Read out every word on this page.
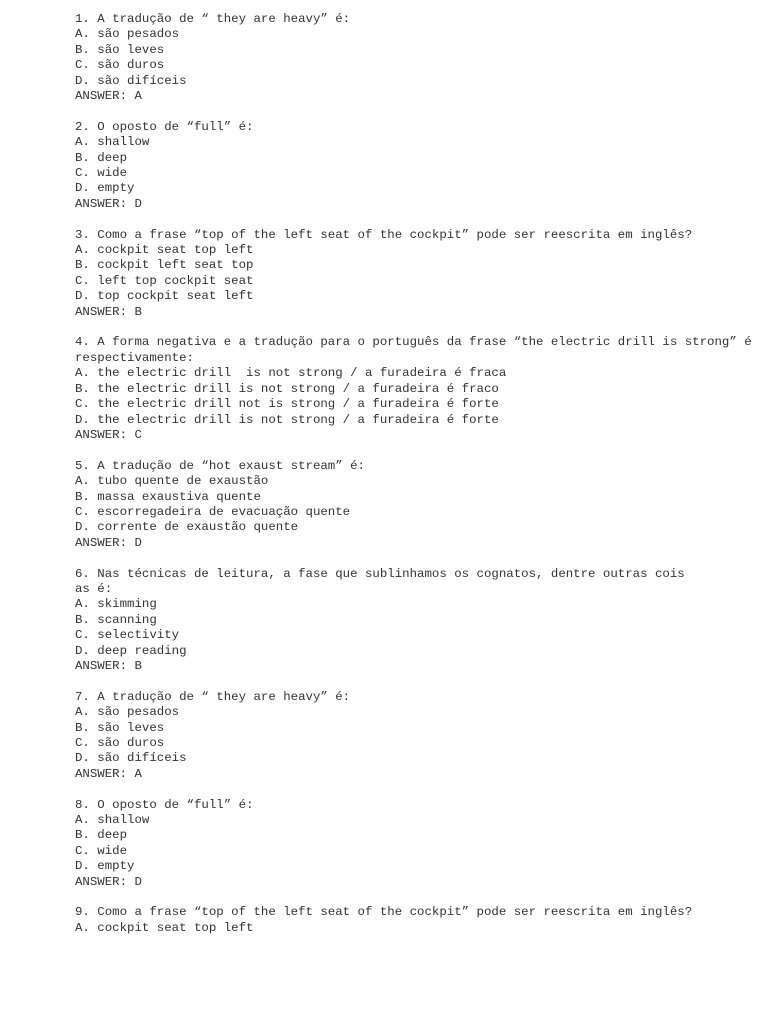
1. A tradução de “ they are heavy” é:
A. são pesados
B. são leves
C. são duros
D. são difíceis
ANSWER: A
2. O oposto de “full” é:
A. shallow
B. deep
C. wide
D. empty
ANSWER: D
3. Como a frase “top of the left seat of the cockpit” pode ser reescrita em inglês?
A. cockpit seat top left
B. cockpit left seat top
C. left top cockpit seat
D. top cockpit seat left
ANSWER: B
4. A forma negativa e a tradução para o português da frase “the electric drill is strong” é respectivamente:
A. the electric drill  is not strong / a furadeira é fraca
B. the electric drill is not strong / a furadeira é fraco
C. the electric drill not is strong / a furadeira é forte
D. the electric drill is not strong / a furadeira é forte
ANSWER: C
5. A tradução de “hot exaust stream” é:
A. tubo quente de exaustão
B. massa exaustiva quente
C. escorregadeira de evacuação quente
D. corrente de exaustão quente
ANSWER: D
6. Nas técnicas de leitura, a fase que sublinhamos os cognatos, dentre outras cois as é:
A. skimming
B. scanning
C. selectivity
D. deep reading
ANSWER: B
7. A tradução de “ they are heavy” é:
A. são pesados
B. são leves
C. são duros
D. são difíceis
ANSWER: A
8. O oposto de “full” é:
A. shallow
B. deep
C. wide
D. empty
ANSWER: D
9. Como a frase “top of the left seat of the cockpit” pode ser reescrita em inglês?
A. cockpit seat top left
